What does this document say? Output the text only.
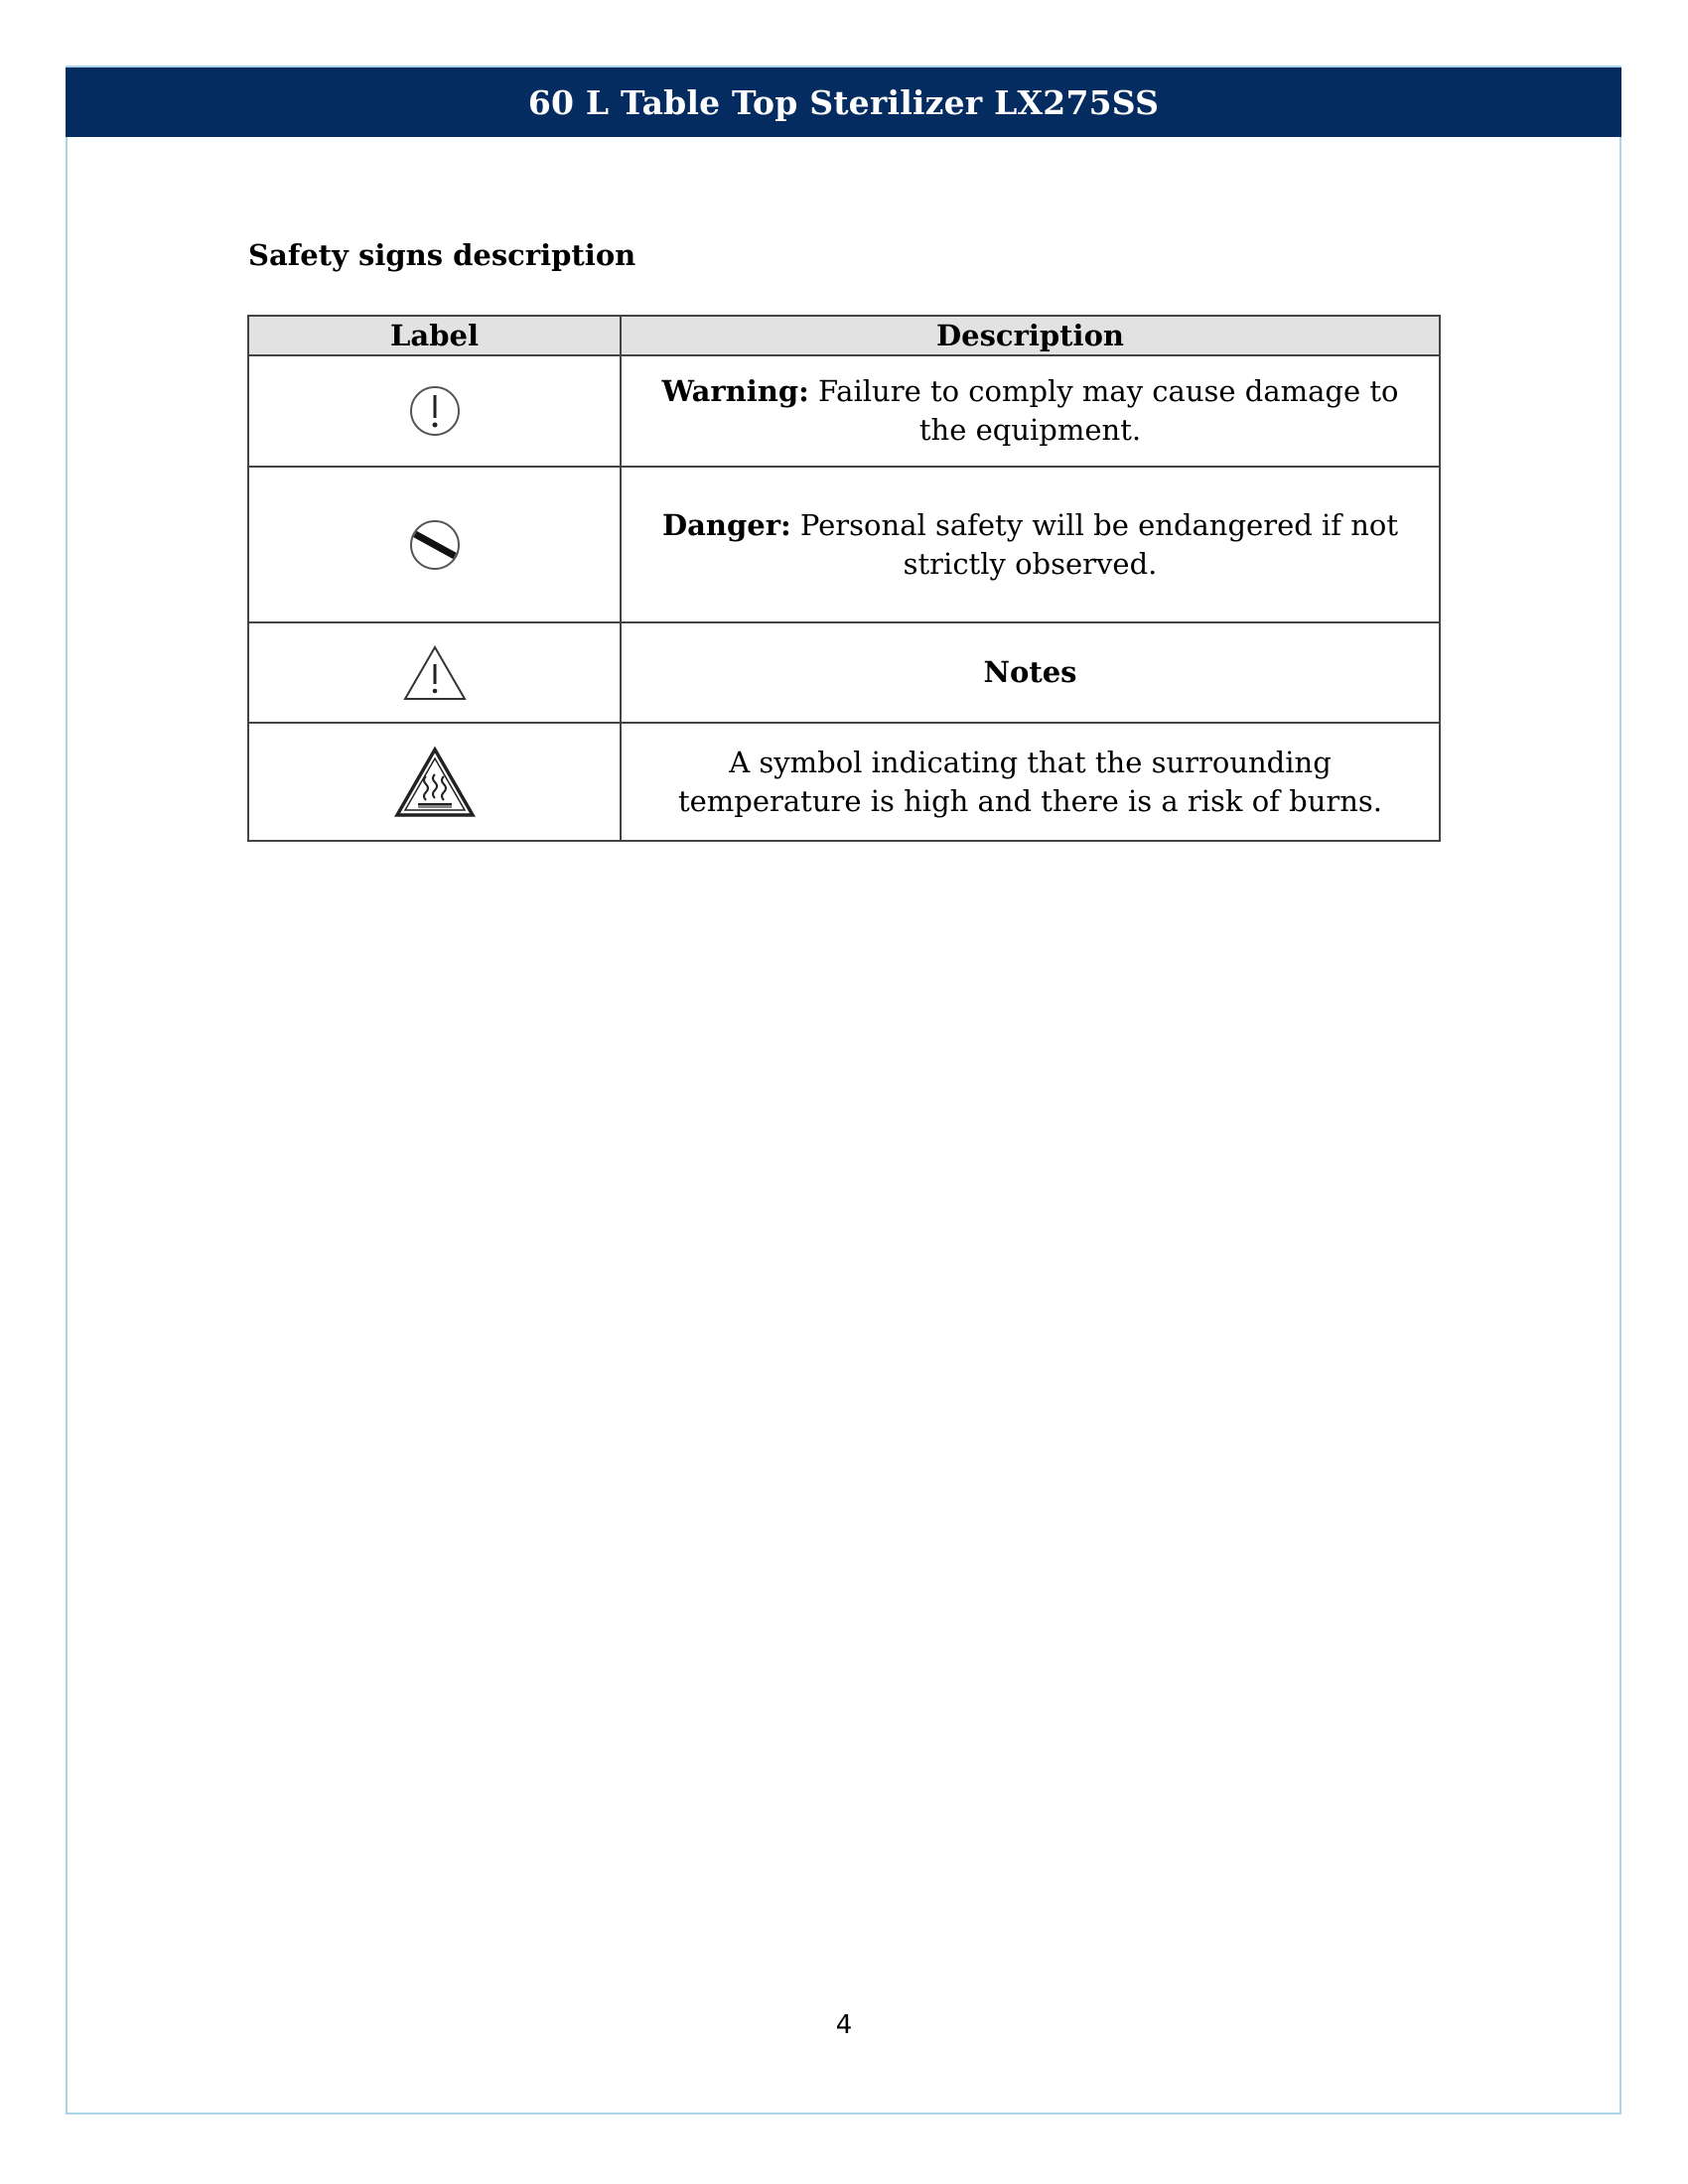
60 L Table Top Sterilizer LX275SS
Safety signs description
Label	Description

	Warning: Failure to comply may cause damage to the equipment.

	Danger: Personal safety will be endangered if not strictly observed.

	Notes

	A symbol indicating that the surrounding temperature is high and there is a risk of burns.
4
